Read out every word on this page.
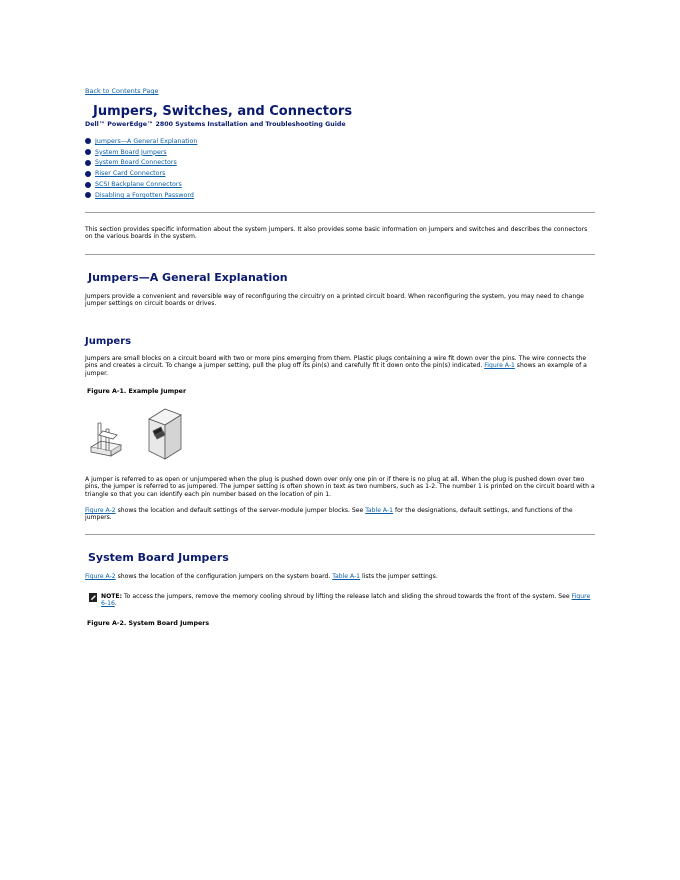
Back to Contents Page
Jumpers, Switches, and Connectors
Dell™ PowerEdge™ 2800 Systems Installation and Troubleshooting Guide
Jumpers—A General Explanation
System Board Jumpers
System Board Connectors
Riser Card Connectors
SCSI Backplane Connectors
Disabling a Forgotten Password

This section provides specific information about the system jumpers. It also provides some basic information on jumpers and switches and describes the connectors on the various boards in the system.

Jumpers—A General Explanation

Jumpers provide a convenient and reversible way of reconfiguring the circuitry on a printed circuit board. When reconfiguring the system, you may need to change jumper settings on circuit boards or drives.

Jumpers

Jumpers are small blocks on a circuit board with two or more pins emerging from them. Plastic plugs containing a wire fit down over the pins. The wire connects the pins and creates a circuit. To change a jumper setting, pull the plug off its pin(s) and carefully fit it down onto the pin(s) indicated. Figure A-1 shows an example of a jumper.

Figure A-1. Example Jumper

A jumper is referred to as open or unjumpered when the plug is pushed down over only one pin or if there is no plug at all. When the plug is pushed down over two pins, the jumper is referred to as jumpered. The jumper setting is often shown in text as two numbers, such as 1-2. The number 1 is printed on the circuit board with a triangle so that you can identify each pin number based on the location of pin 1.

Figure A-2 shows the location and default settings of the server-module jumper blocks. See Table A-1 for the designations, default settings, and functions of the jumpers.

System Board Jumpers

Figure A-2 shows the location of the configuration jumpers on the system board. Table A-1 lists the jumper settings.

NOTE: To access the jumpers, remove the memory cooling shroud by lifting the release latch and sliding the shroud towards the front of the system. See Figure 6-16.
Figure A-2. System Board Jumpers
